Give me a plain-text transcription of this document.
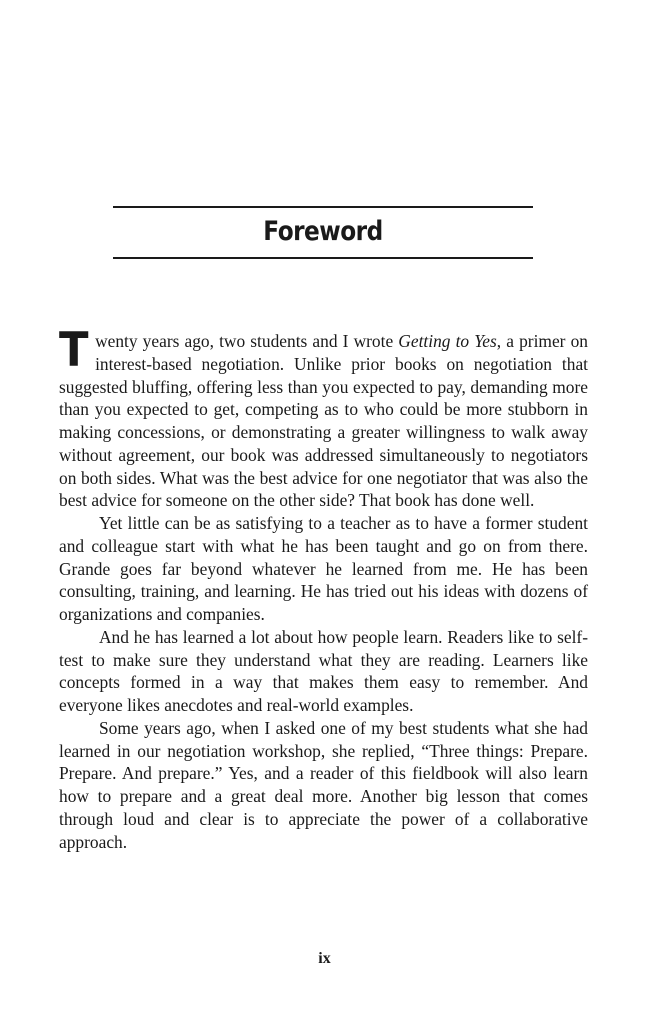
Foreword

Twenty years ago, two students and I wrote Getting to Yes, a primer on interest-based negotiation. Unlike prior books on negotiation that suggested bluffing, offering less than you expected to pay, demanding more than you expected to get, competing as to who could be more stubborn in making concessions, or demonstrating a greater willingness to walk away without agreement, our book was addressed simultaneously to negotiators on both sides. What was the best advice for one negotiator that was also the best advice for someone on the other side? That book has done well.

Yet little can be as satisfying to a teacher as to have a former student and colleague start with what he has been taught and go on from there. Grande goes far beyond whatever he learned from me. He has been consulting, training, and learning. He has tried out his ideas with dozens of organizations and companies.

And he has learned a lot about how people learn. Readers like to self-test to make sure they understand what they are reading. Learners like concepts formed in a way that makes them easy to remember. And everyone likes anecdotes and real-world examples.

Some years ago, when I asked one of my best students what she had learned in our negotiation workshop, she replied, “Three things: Prepare. Prepare. And prepare.” Yes, and a reader of this fieldbook will also learn how to prepare and a great deal more. Another big lesson that comes through loud and clear is to appreciate the power of a collaborative approach.

ix
